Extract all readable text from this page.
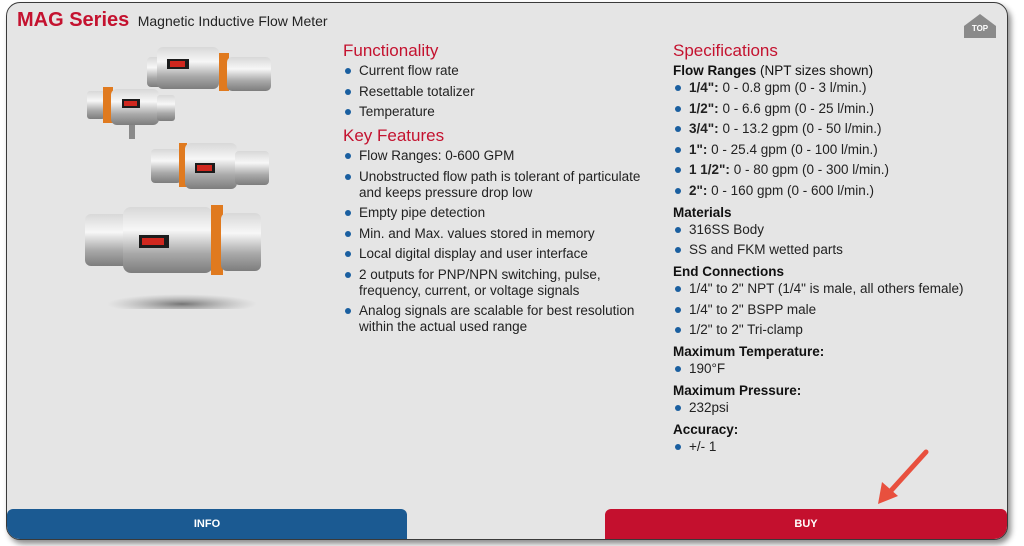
MAG Series Magnetic Inductive Flow Meter	TOP
Functionality
Current flow rate
Resettable totalizer
Temperature
Key Features
Flow Ranges: 0-600 GPM
Unobstructed flow path is tolerant of particulate and keeps pressure drop low
Empty pipe detection
Min. and Max. values stored in memory
Local digital display and user interface
2 outputs for PNP/NPN switching, pulse, frequency, current, or voltage signals
Analog signals are scalable for best resolution within the actual used range
Specifications
Flow Ranges (NPT sizes shown)
1/4": 0 - 0.8 gpm (0 - 3 l/min.)
1/2": 0 - 6.6 gpm (0 - 25 l/min.)
3/4": 0 - 13.2 gpm (0 - 50 l/min.)
1": 0 - 25.4 gpm (0 - 100 l/min.)
1 1/2": 0 - 80 gpm (0 - 300 l/min.)
2": 0 - 160 gpm (0 - 600 l/min.)
Materials
316SS Body
SS and FKM wetted parts
End Connections
1/4" to 2" NPT (1/4" is male, all others female)
1/4" to 2" BSPP male
1/2" to 2" Tri-clamp
Maximum Temperature:
190°F
Maximum Pressure:
232psi
Accuracy:
+/- 1
INFO	BUY
